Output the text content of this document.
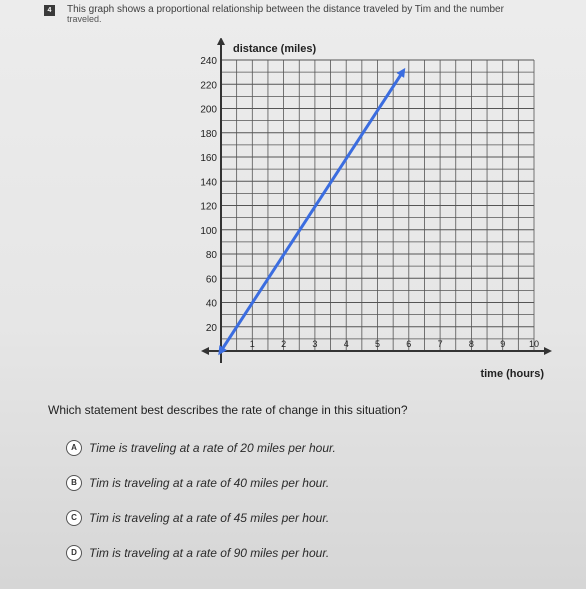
4	This graph shows a proportional relationship between the distance traveled by Tim and the number
traveled.
20
40
60
80
100
120
140
160
180
200
220
240
1	2	3	4	5	6	7	8	9	10
distance (miles)
time (hours)
Which statement best describes the rate of change in this situation?
A	Time is traveling at a rate of 20 miles per hour.
B	Tim is traveling at a rate of 40 miles per hour.
C	Tim is traveling at a rate of 45 miles per hour.
D	Tim is traveling at a rate of 90 miles per hour.
